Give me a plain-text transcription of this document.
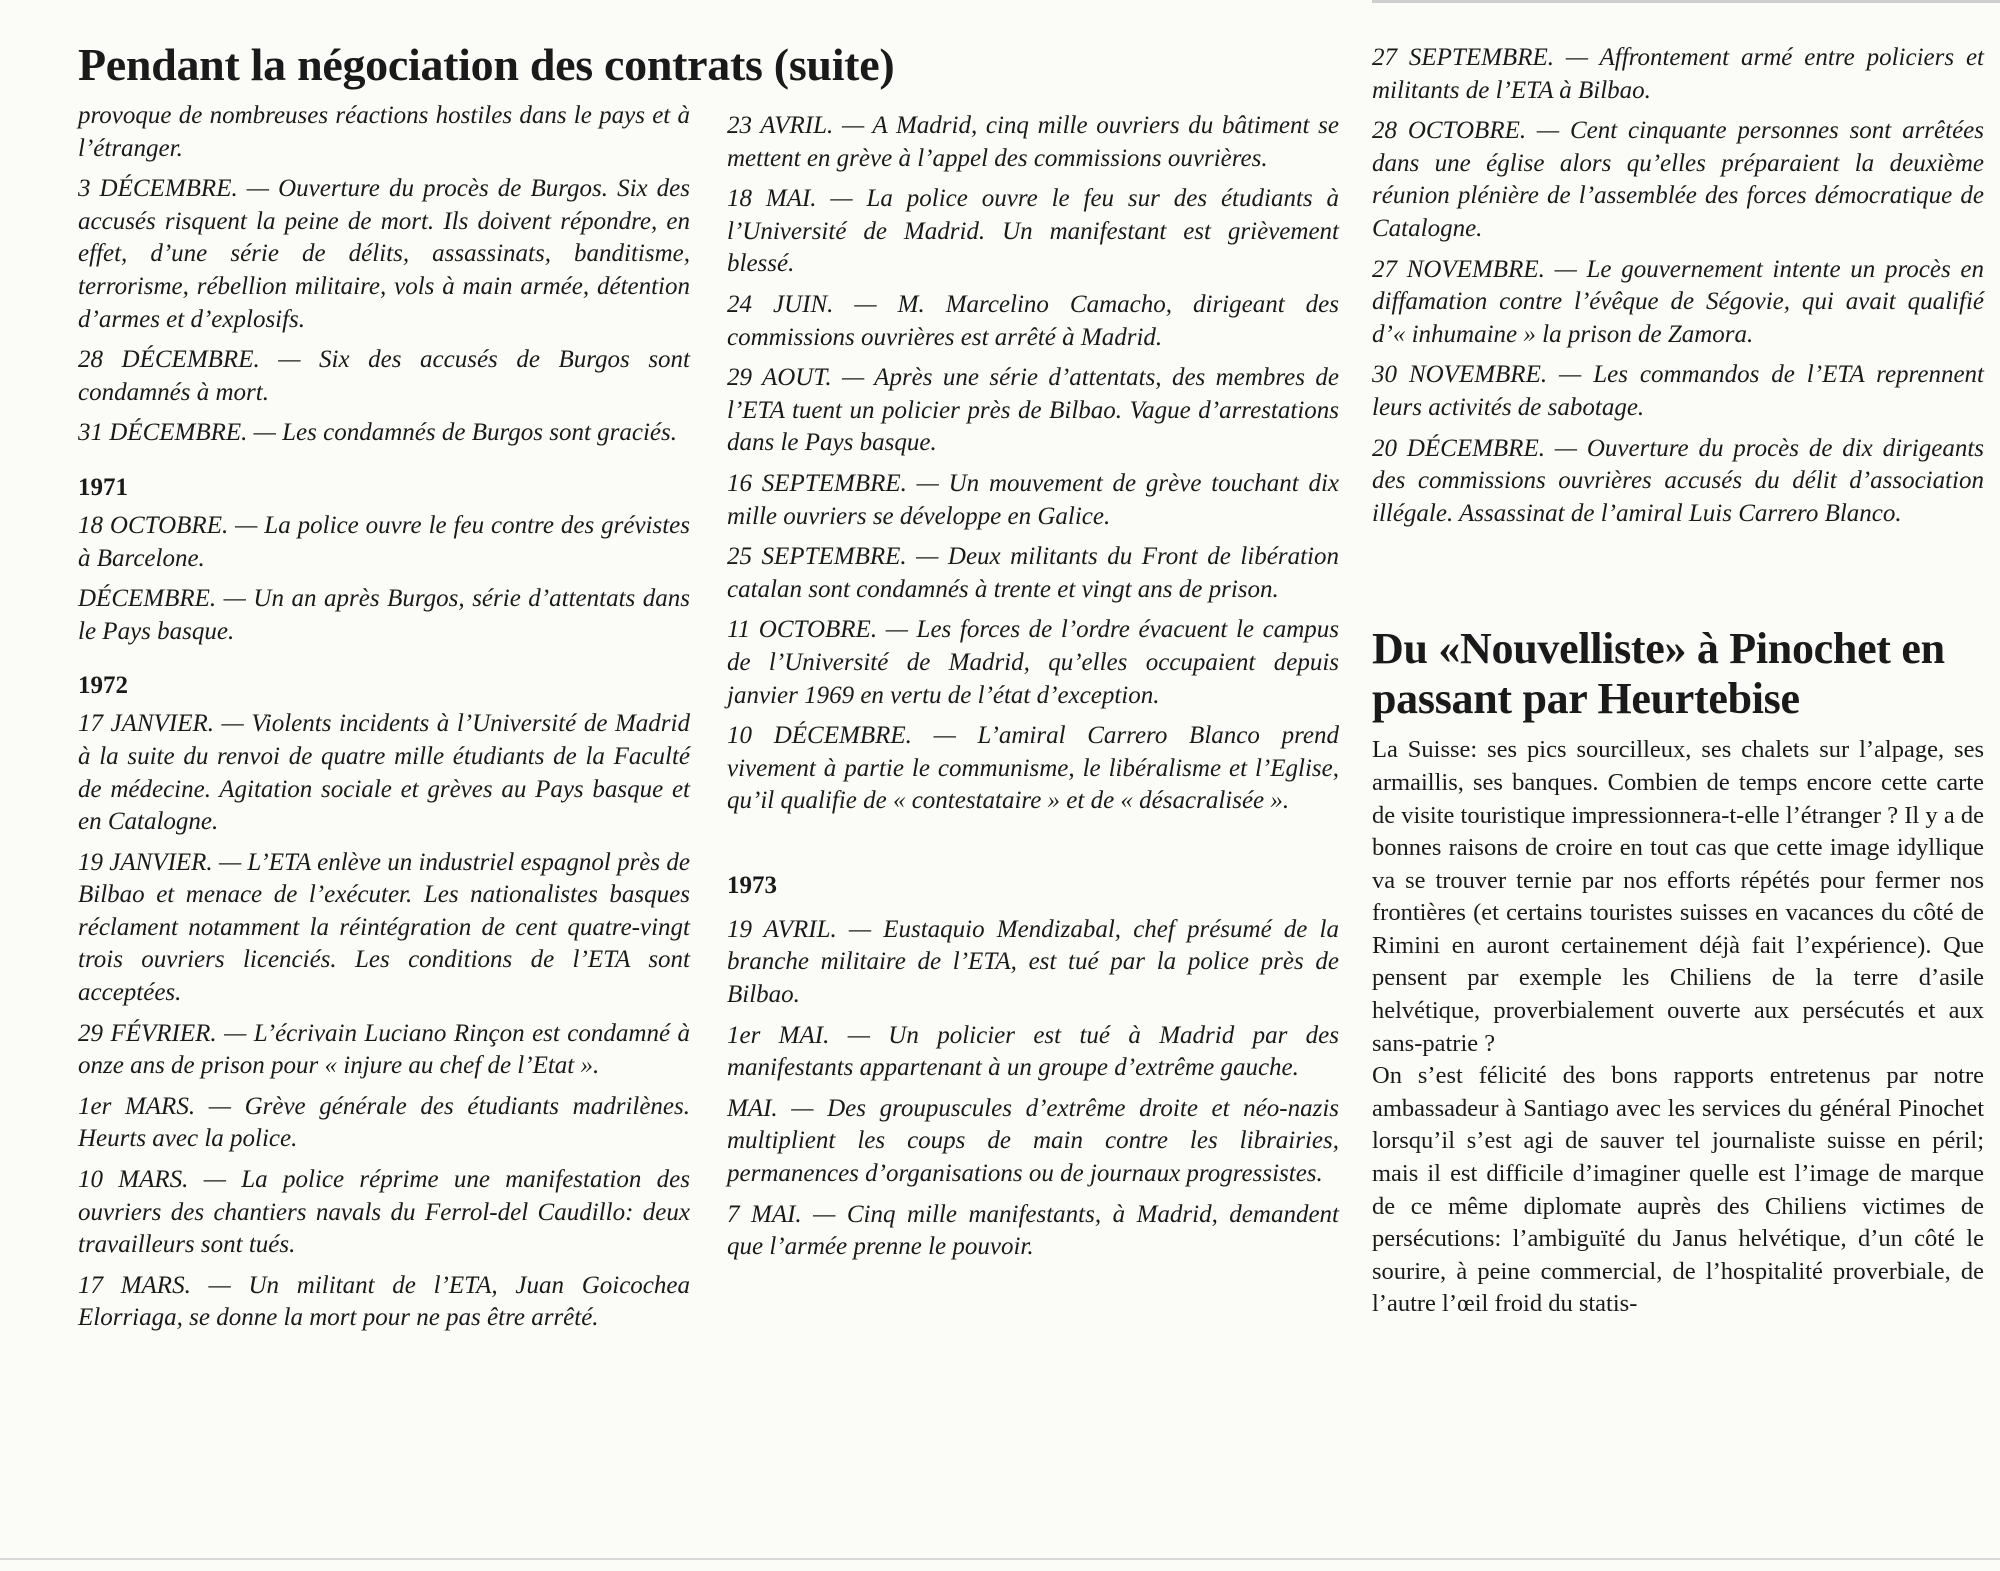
Pendant la négociation des contrats (suite)

provoque de nombreuses réactions hostiles dans le pays et à l’étranger.

3 DÉCEMBRE. — Ouverture du procès de Burgos. Six des accusés risquent la peine de mort. Ils doivent répondre, en effet, d’une série de délits, assassinats, banditisme, terrorisme, rébellion militaire, vols à main armée, détention d’armes et d’explosifs.

28 DÉCEMBRE. — Six des accusés de Burgos sont condamnés à mort.

31 DÉCEMBRE. — Les condamnés de Burgos sont graciés.

1971

18 OCTOBRE. — La police ouvre le feu contre des grévistes à Barcelone.

DÉCEMBRE. — Un an après Burgos, série d’attentats dans le Pays basque.

1972

17 JANVIER. — Violents incidents à l’Université de Madrid à la suite du renvoi de quatre mille étudiants de la Faculté de médecine. Agitation sociale et grèves au Pays basque et en Catalogne.

19 JANVIER. — L’ETA enlève un industriel espagnol près de Bilbao et menace de l’exécuter. Les nationalistes basques réclament notamment la réintégration de cent quatre-vingt trois ouvriers licenciés. Les conditions de l’ETA sont acceptées.

29 FÉVRIER. — L’écrivain Luciano Rinçon est condamné à onze ans de prison pour « injure au chef de l’Etat ».

1er MARS. — Grève générale des étudiants madrilènes. Heurts avec la police.

10 MARS. — La police réprime une manifestation des ouvriers des chantiers navals du Ferrol-del Caudillo: deux travailleurs sont tués.

17 MARS. — Un militant de l’ETA, Juan Goicochea Elorriaga, se donne la mort pour ne pas être arrêté.

23 AVRIL. — A Madrid, cinq mille ouvriers du bâtiment se mettent en grève à l’appel des commissions ouvrières.

18 MAI. — La police ouvre le feu sur des étudiants à l’Université de Madrid. Un manifestant est grièvement blessé.

24 JUIN. — M. Marcelino Camacho, dirigeant des commissions ouvrières est arrêté à Madrid.

29 AOUT. — Après une série d’attentats, des membres de l’ETA tuent un policier près de Bilbao. Vague d’arrestations dans le Pays basque.

16 SEPTEMBRE. — Un mouvement de grève touchant dix mille ouvriers se développe en Galice.

25 SEPTEMBRE. — Deux militants du Front de libération catalan sont condamnés à trente et vingt ans de prison.

11 OCTOBRE. — Les forces de l’ordre évacuent le campus de l’Université de Madrid, qu’elles occupaient depuis janvier 1969 en vertu de l’état d’exception.

10 DÉCEMBRE. — L’amiral Carrero Blanco prend vivement à partie le communisme, le libéralisme et l’Eglise, qu’il qualifie de « contestataire » et de « désacralisée ».

1973

19 AVRIL. — Eustaquio Mendizabal, chef présumé de la branche militaire de l’ETA, est tué par la police près de Bilbao.

1er MAI. — Un policier est tué à Madrid par des manifestants appartenant à un groupe d’extrême gauche.

MAI. — Des groupuscules d’extrême droite et néo-nazis multiplient les coups de main contre les librairies, permanences d’organisations ou de journaux progressistes.

7 MAI. — Cinq mille manifestants, à Madrid, demandent que l’armée prenne le pouvoir.

27 SEPTEMBRE. — Affrontement armé entre policiers et militants de l’ETA à Bilbao.

28 OCTOBRE. — Cent cinquante personnes sont arrêtées dans une église alors qu’elles préparaient la deuxième réunion plénière de l’assemblée des forces démocratique de Catalogne.

27 NOVEMBRE. — Le gouvernement intente un procès en diffamation contre l’évêque de Ségovie, qui avait qualifié d’« inhumaine » la prison de Zamora.

30 NOVEMBRE. — Les commandos de l’ETA reprennent leurs activités de sabotage.

20 DÉCEMBRE. — Ouverture du procès de dix dirigeants des commissions ouvrières accusés du délit d’association illégale. Assassinat de l’amiral Luis Carrero Blanco.

Du «Nouvelliste» à Pinochet en passant par Heurtebise

La Suisse: ses pics sourcilleux, ses chalets sur l’alpage, ses armaillis, ses banques. Combien de temps encore cette carte de visite touristique impressionnera-t-elle l’étranger ? Il y a de bonnes raisons de croire en tout cas que cette image idyllique va se trouver ternie par nos efforts répétés pour fermer nos frontières (et certains touristes suisses en vacances du côté de Rimini en auront certainement déjà fait l’expérience). Que pensent par exemple les Chiliens de la terre d’asile helvétique, proverbialement ouverte aux persécutés et aux sans-patrie ?

On s’est félicité des bons rapports entretenus par notre ambassadeur à Santiago avec les services du général Pinochet lorsqu’il s’est agi de sauver tel journaliste suisse en péril; mais il est difficile d’imaginer quelle est l’image de marque de ce même diplomate auprès des Chiliens victimes de persécutions: l’ambiguïté du Janus helvétique, d’un côté le sourire, à peine commercial, de l’hospitalité proverbiale, de l’autre l’œil froid du statis-
